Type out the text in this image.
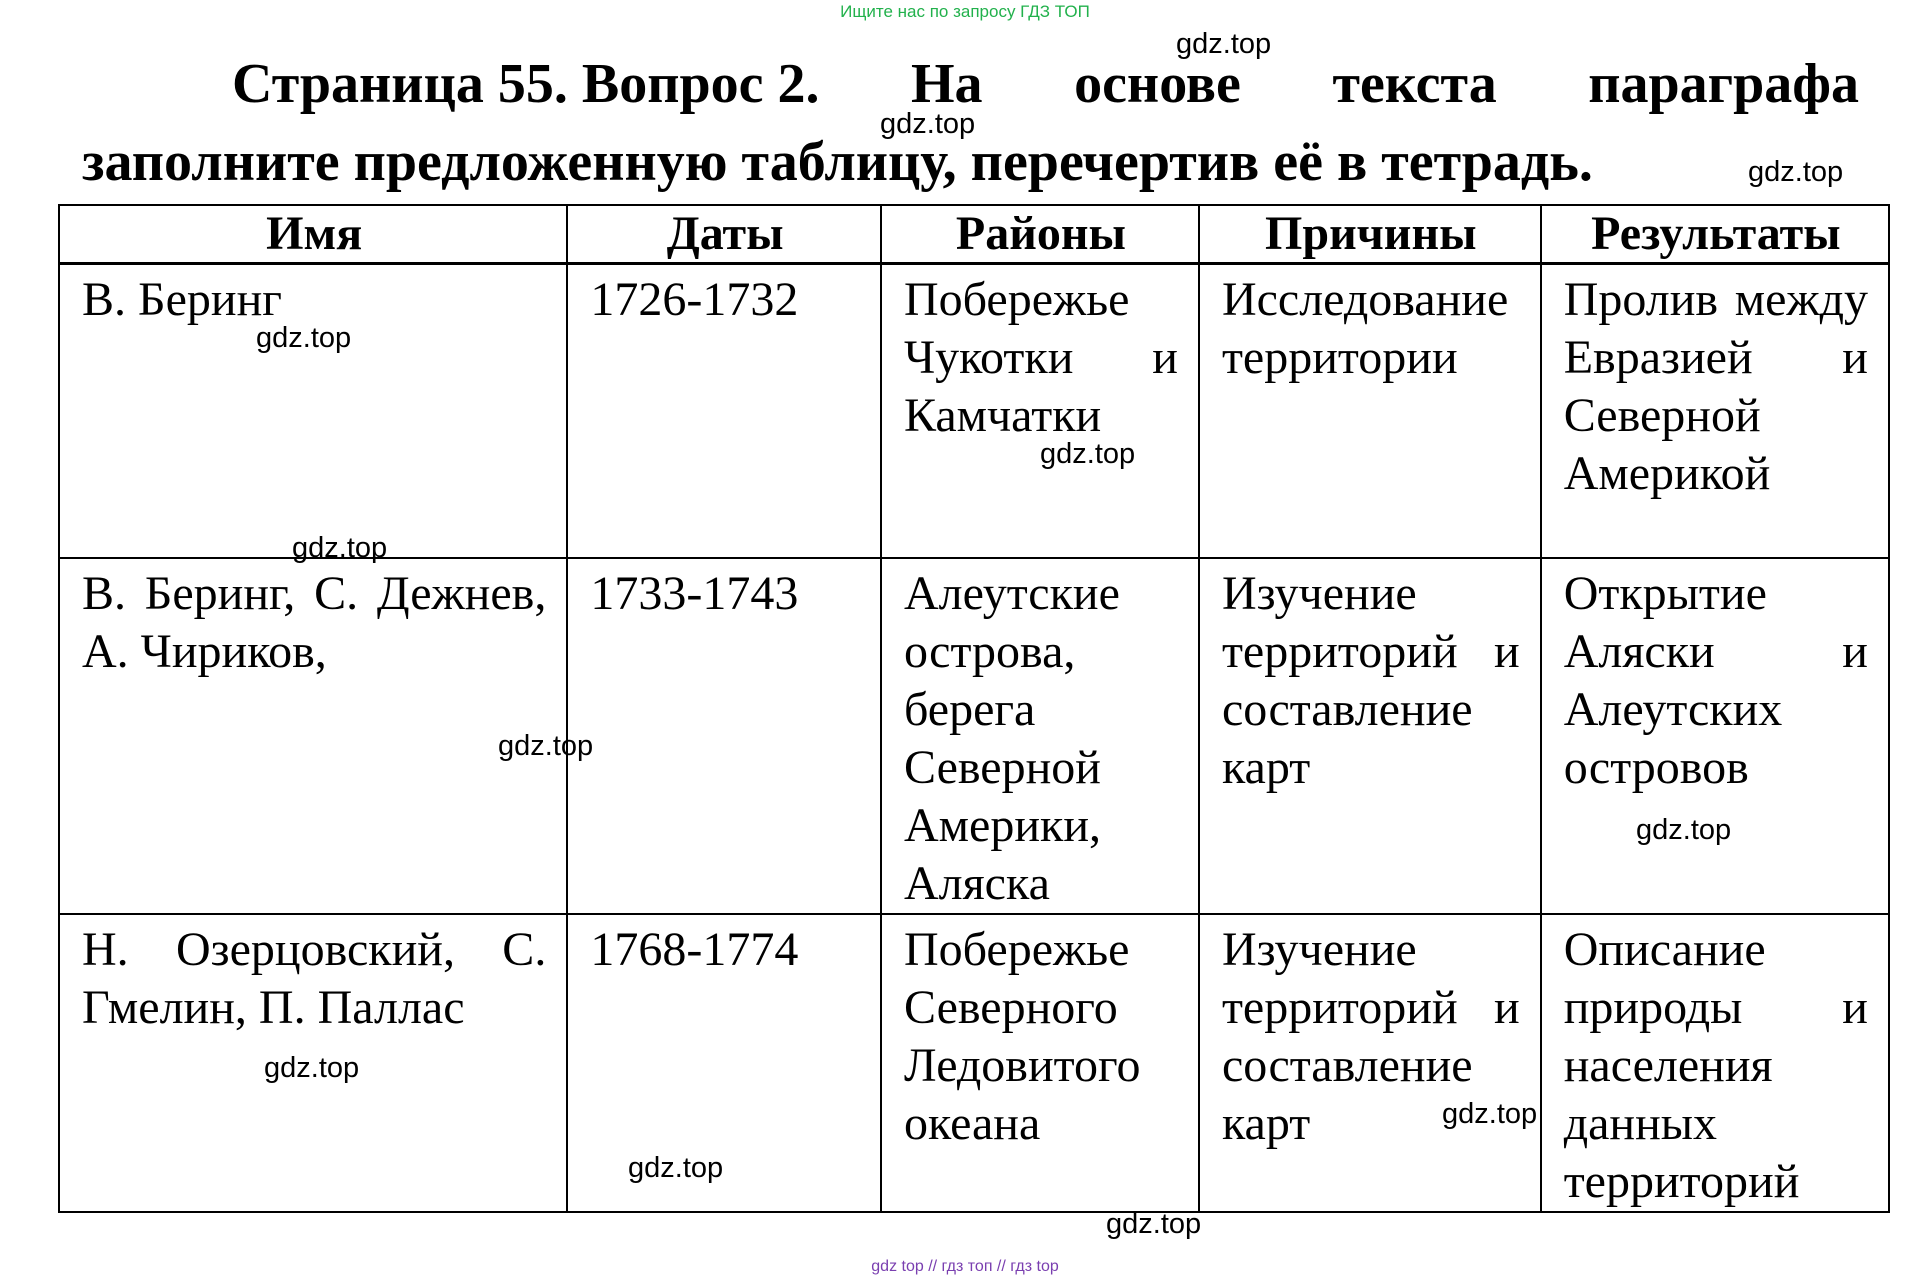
Ищите нас по запросу ГДЗ ТОП
Страница 55. Вопрос 2. На основе текста параграфа
заполните предложенную таблицу, перечертив её в тетрадь.
Имя	Даты	Районы	Причины	Результаты
В. Беринг	1726-1732	Побережье Чукотки и Камчатки	Исследование территории	Пролив между Евразией и Северной Америкой
В. Беринг, С. Дежнев, А. Чириков,	1733-1743	Алеутские острова, берега Северной Америки, Аляска	Изучение территорий и составление карт	Открытие Аляски и Алеутских островов
Н. Озерцовский, С. Гмелин, П. Паллас	1768-1774	Побережье Северного Ледовитого океана	Изучение территорий и составление карт	Описание природы и населения данных территорий
gdz.top
gdz.top
gdz.top
gdz.top
gdz.top
gdz.top
gdz.top
gdz.top
gdz.top
gdz.top
gdz.top
gdz.top
gdz top // гдз топ // гдз top
